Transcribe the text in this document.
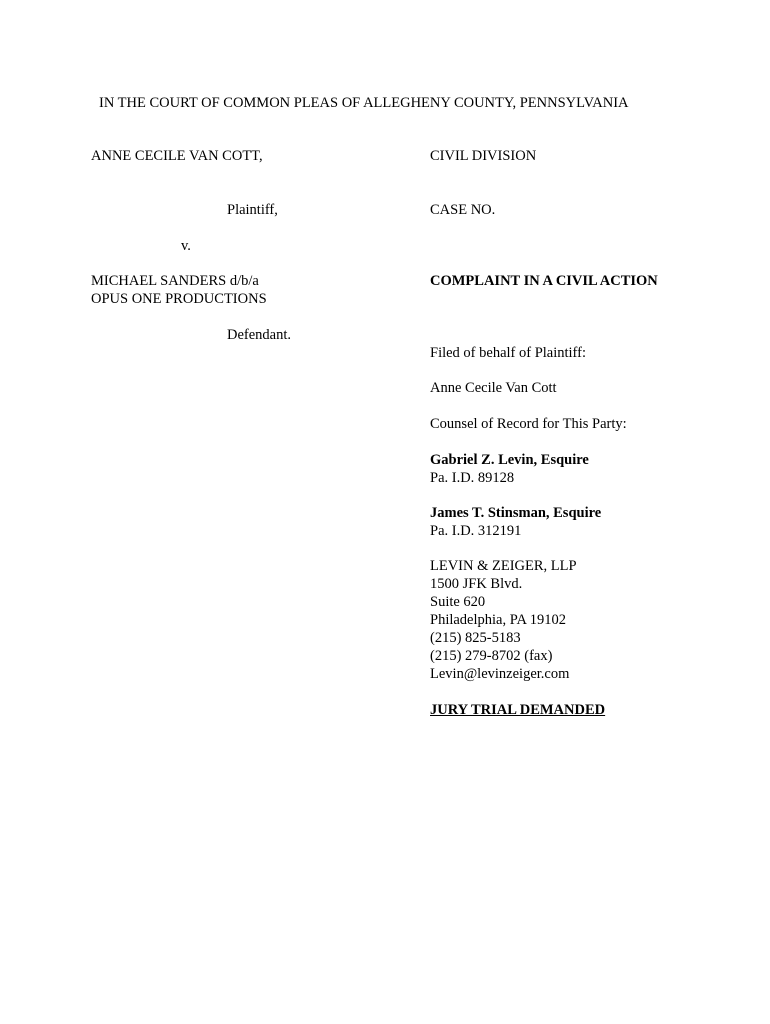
IN THE COURT OF COMMON PLEAS OF ALLEGHENY COUNTY, PENNSYLVANIA
ANNE CECILE VAN COTT,
Plaintiff,
v.
MICHAEL SANDERS d/b/a
OPUS ONE PRODUCTIONS
Defendant.
CIVIL DIVISION
CASE NO.
COMPLAINT IN A CIVIL ACTION
Filed of behalf of Plaintiff:
Anne Cecile Van Cott
Counsel of Record for This Party:
Gabriel Z. Levin, Esquire
Pa. I.D. 89128
James T. Stinsman, Esquire
Pa. I.D. 312191
LEVIN & ZEIGER, LLP
1500 JFK Blvd.
Suite 620
Philadelphia, PA 19102
(215) 825-5183
(215) 279-8702 (fax)
Levin@levinzeiger.com
JURY TRIAL DEMANDED
